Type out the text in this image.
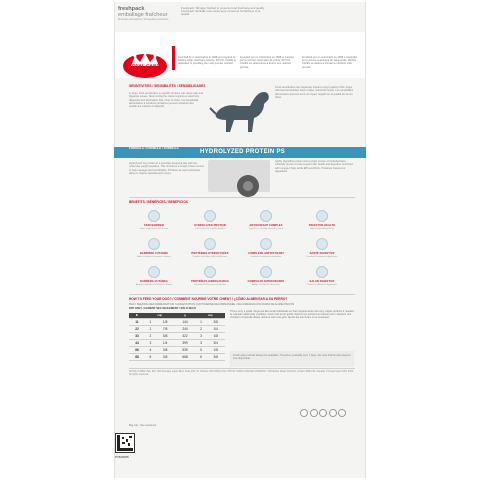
freshpack
emballage fraîcheur
Protective atmosphere / Atmosphère protectrice
Freshpack: Nitrogen flushed to preserve food freshness and quality. Freshpack: Emballé sous azote pour conserver la fraîcheur et la qualité.
ROYAL CANIN
Founded by a veterinarian in 1968 and inspired by leading edge veterinary science, ROYAL CANIN is dedicated to providing the most precise nutrition.
Founded par un vétérinaire en 1968 et inspirée par la science vétérinaire de pointe, ROYAL CANIN est déterminée à fournir une nutrition précise.
Fundada por un veterinario en 1968 e inspirada en la ciencia veterinaria de vanguardia, ROYAL CANIN se dedica a brindar la nutrición más precisa.
SENSITIVITIES / SENSIBILITÉS / SENSIBILIDADES
In dogs, food sensitivities to specific proteins can cause skin and digestive issues. Determining the cause requires a veterinary diagnosis and elimination trial. Chez le chien, les sensibilités alimentaires à certaines protéines peuvent entraîner des problèmes cutanés et digestifs.
Food sensitivities can negatively impact a dog's quality of life. Dogs with food sensitivities have unique nutritional needs. Les sensibilités alimentaires peuvent avoir un impact négatif sur la qualité de vie du chien.
FORMULA / FORMULE / FÓRMULA
HYDROLYZED PROTEIN PS
Hydrolyzed soy protein in a specially designed diet with low molecular weight peptides. This formula is a single protein source to help manage food sensitivities. Protéine de soja hydrolysée dans un régime spécialement conçu.
Highly digestible protein and a single source of carbohydrates. Clinically proven to help support skin health and digestion. Enriched with omega-3 fatty acids EPA and DHA. Protéines hautement digestibles.
BENEFITS / BÉNÉFICES / BENEFICIOS
SKIN BARRIER
Helps support the skin barrier
HYDROLYZED PROTEIN
Low molecular weight peptides
ANTIOXIDANT COMPLEX
Supports a healthy immune system
DIGESTIVE HEALTH
Highly digestible proteins
BARRIÈRE CUTANÉE
Aide à soutenir la barrière cutanée
PROTÉINES HYDROLYSÉES
Peptides de faible poids moléculaire
COMPLEXE ANTIOXYDANT
Soutient le système immunitaire
SANTÉ DIGESTIVE
Protéines hautement digestibles
BARRERA CUTÁNEA
Ayuda a mantener la barrera cutánea
PROTEÍNAS HIDROLIZADAS
Péptidos de bajo peso molecular
COMPLEJO ANTIOXIDANTE
Apoya el sistema inmunitario
SALUD DIGESTIVA
Proteínas altamente digestibles
HOW TO FEED YOUR DOG? / COMMENT NOURRIR VOTRE CHIEN? / ¿CÓMO ALIMENTAR A SU PERRO?
DAILY FEEDING RECOMMENDATION / ALIMENTATION QUOTIDIENNE RECOMMANDÉE / RECOMENDACIÓN DIARIA DE ALIMENTACIÓN
DRY ONLY / ALIMENT SEC SEULEMENT / SÓLO SECO
lb	cup		g	cup	
11	1	1/8	144	1	3/8
22	1	7/8	244	2	1/4
33	2	5/8	322	3	1/8
44	3	1/4	399	3	3/4
66	4	3/8	539	5	1/8
88	5	3/8	668	6	3/8
This is only a guide. Dogs are like small individuals so their requirements can vary. Adjust portions if needed to maintain ideal body condition. Ceci n'est qu'un guide. Ajustez les portions au besoin pour maintenir une condition corporelle idéale. Esta es solo una guía. Ajuste las porciones si es necesario.
Fresh water should always be available. Transition gradually over 7 days. De l'eau fraîche doit toujours être disponible.
ROYAL CANIN USA, INC. 500 Fountain Lakes Blvd, Suite 100, St. Charles, MO 63301 USA. ROYAL CANIN CANADA COMPANY: 100 Beiber Road, Puslinch, Ontario N0B 2J0, Canada. © Royal Canin SAS 2023. All rights reserved.
Bag only - Sac seulement
P7600065
